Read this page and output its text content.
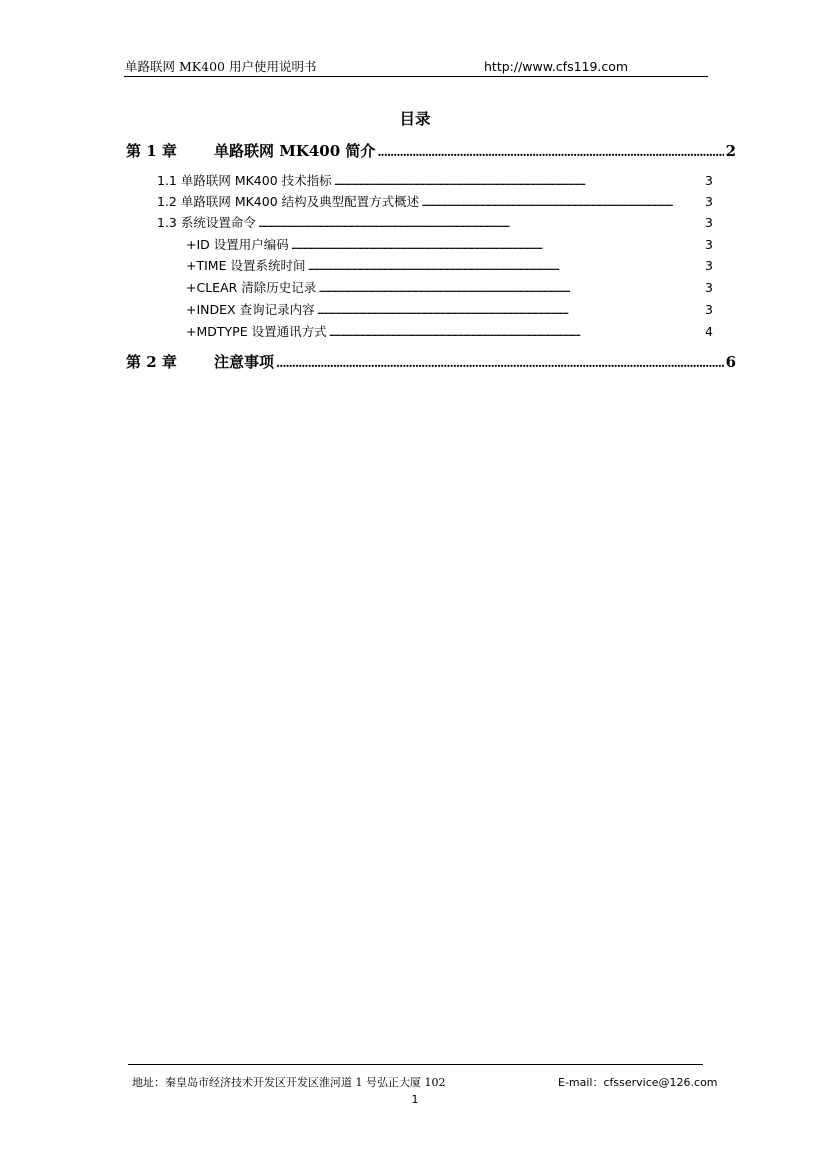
单路联网 MK400 用户使用说明书	http://www.cfs119.com
目录
第 1 章 单路联网 MK400 简介 . . .	2
1.1 单路联网 MK400 技术指标 . . .	3
1.2 单路联网 MK400 结构及典型配置方式概述 . . .	3
1.3 系统设置命令 . . .	3
+ID 设置用户编码 . . .	3
+TIME 设置系统时间 . . .	3
+CLEAR 清除历史记录 . . .	3
+INDEX 查询记录内容 . . .	3
+MDTYPE 设置通讯方式 . . .	4
第 2 章 注意事项 . . .	6
地址：秦皇岛市经济技术开发区开发区淮河道 1 号弘正大厦 102	E-mail：cfsservice@126.com
1
